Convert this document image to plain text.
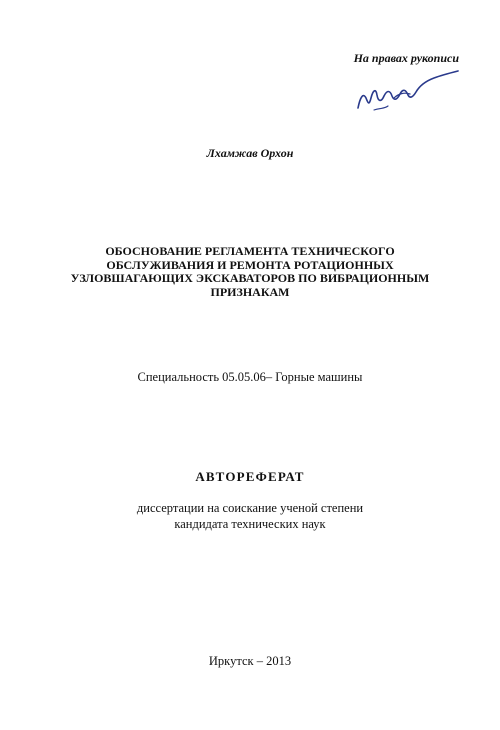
На правах рукописи
Лхамжав Орхон
ОБОСНОВАНИЕ РЕГЛАМЕНТА ТЕХНИЧЕСКОГО
ОБСЛУЖИВАНИЯ И РЕМОНТА РОТАЦИОННЫХ
УЗЛОВШАГАЮЩИХ ЭКСКАВАТОРОВ ПО ВИБРАЦИОННЫМ
ПРИЗНАКАМ
Специальность 05.05.06– Горные машины
АВТОРЕФЕРАТ
диссертации на соискание ученой степени
кандидата технических наук
Иркутск – 2013
